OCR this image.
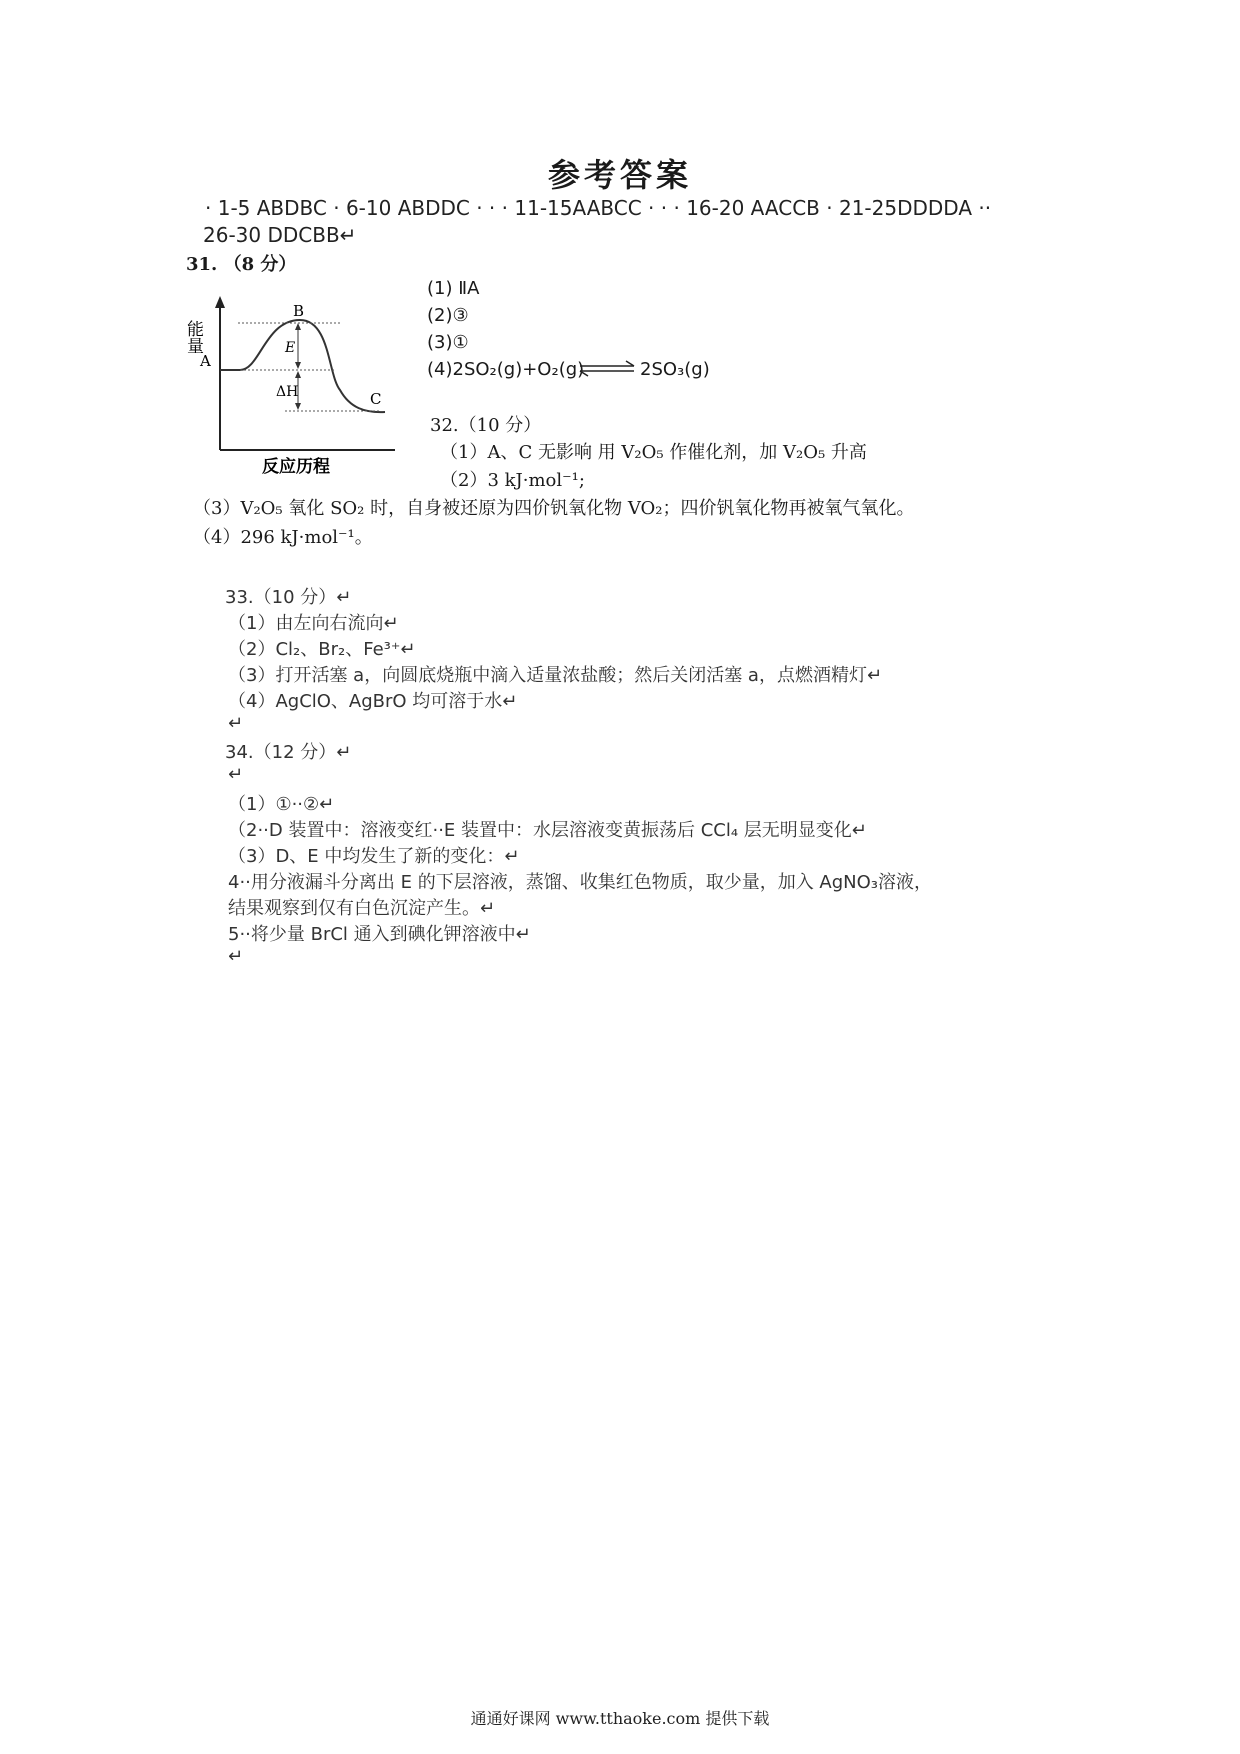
参考答案
· 1-5 ABDBC · 6-10 ABDDC · · · 11-15AABCC · · · 16-20 AACCB · 21-25DDDDA ··
26-30 DDCBB↵
31. （8 分）
能量
A
B
C
E
ΔH
反应历程
(1) ⅡA
(2)③
(3)①
(4)2SO₂(g)+O₂(g) ⇌ 2SO₃(g)
32.（10 分）
（1）A、C 无影响 用 V₂O₅ 作催化剂，加 V₂O₅ 升高
（2）3 kJ·mol⁻¹;
（3）V₂O₅ 氧化 SO₂ 时，自身被还原为四价钒氧化物 VO₂；四价钒氧化物再被氧气氧化。
（4）296 kJ·mol⁻¹。
33.（10 分）↵
（1）由左向右流向↵
（2）Cl₂、Br₂、Fe³⁺↵
（3）打开活塞 a，向圆底烧瓶中滴入适量浓盐酸；然后关闭活塞 a，点燃酒精灯↵
（4）AgClO、AgBrO 均可溶于水↵
↵
34.（12 分）↵
↵
（1）①··②↵
（2··D 装置中：溶液变红··E 装置中：水层溶液变黄振荡后 CCl₄ 层无明显变化↵
（3）D、E 中均发生了新的变化：↵
4··用分液漏斗分离出 E 的下层溶液，蒸馏、收集红色物质，取少量，加入 AgNO₃溶液，
结果观察到仅有白色沉淀产生。↵
5··将少量 BrCl 通入到碘化钾溶液中↵
↵
通通好课网 www.tthaoke.com 提供下载
